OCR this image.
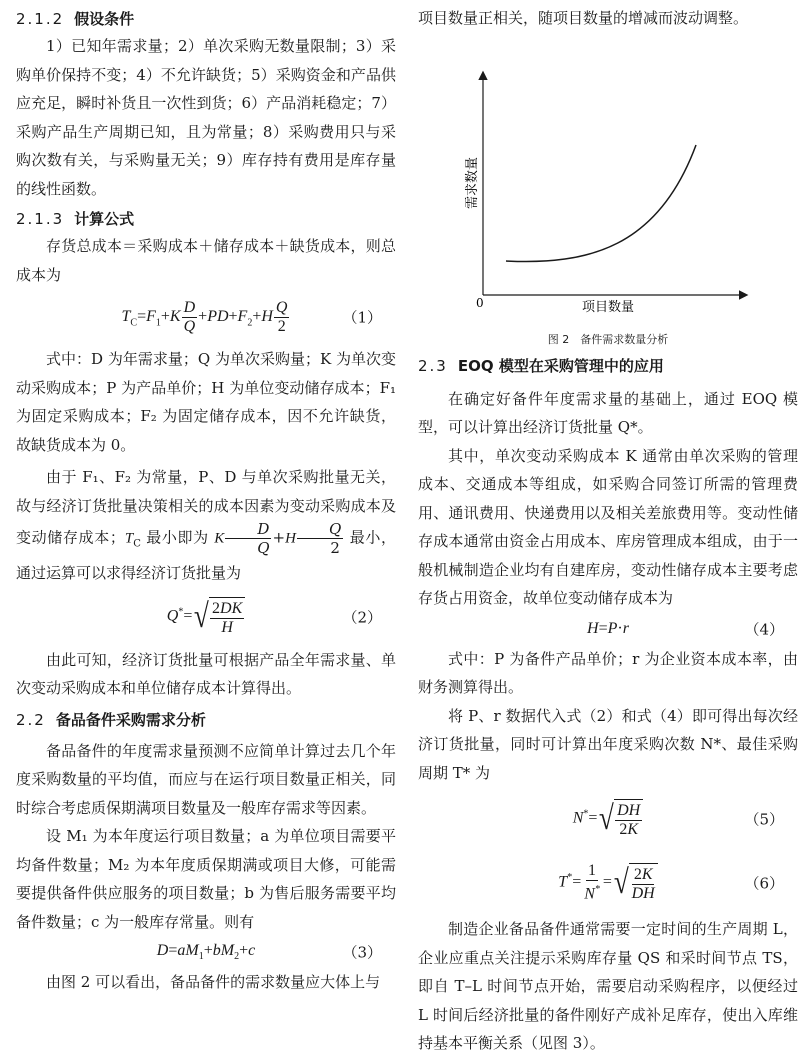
2.1.2 假设条件

1）已知年需求量；2）单次采购无数量限制；3）采购单价保持不变；4）不允许缺货；5）采购资金和产品供应充足，瞬时补货且一次性到货；6）产品消耗稳定；7）采购产品生产周期已知，且为常量；8）采购费用只与采购次数有关，与采购量无关；9）库存持有费用是库存量的线性函数。

2.1.3 计算公式

存货总成本＝采购成本＋储存成本＋缺货成本，则总成本为

$T_C=F_1+K \frac{D}{Q} +PD+F_2+H \frac{Q}{2}$	（1）

式中：D 为年需求量；Q 为单次采购量；K 为单次变动采购成本；P 为产品单价；H 为单位变动储存成本；F₁ 为固定采购成本；F₂ 为固定储存成本，因不允许缺货，故缺货成本为 0。

由于 F₁、F₂ 为常量，P、D 与单次采购批量无关，故与经济订货批量决策相关的成本因素为变动采购成本及变动储存成本；$T_C$ 最小即为 K $\frac{D}{Q} +H \frac{Q}{2}$ 最小，通过运算可以求得经济订货批量为

Q*= √ $\frac{2DK}{H}$	（2）

由此可知，经济订货批量可根据产品全年需求量、单次变动采购成本和单位储存成本计算得出。

2.2 备品备件采购需求分析

备品备件的年度需求量预测不应简单计算过去几个年度采购数量的平均值，而应与在运行项目数量正相关，同时综合考虑质保期满项目数量及一般库存需求等因素。

设 M₁ 为本年度运行项目数量；a 为单位项目需要平均备件数量；M₂ 为本年度质保期满或项目大修，可能需要提供备件供应服务的项目数量；b 为售后服务需要平均备件数量；c 为一般库存常量。则有

$D=aM_1+bM_2+c$	（3）

由图 2 可以看出，备品备件的需求数量应大体上与

项目数量正相关，随项目数量的增减而波动调整。

0	项目数量
需求数量
图 2　备件需求数量分析
2.3 EOQ 模型在采购管理中的应用

在确定好备件年度需求量的基础上，通过 EOQ 模型，可以计算出经济订货批量 Q*。

其中，单次变动采购成本 K 通常由单次采购的管理成本、交通成本等组成，如采购合同签订所需的管理费用、通讯费用、快递费用以及相关差旅费用等。变动性储存成本通常由资金占用成本、库房管理成本组成，由于一般机械制造企业均有自建库房，变动性储存成本主要考虑存货占用资金，故单位变动储存成本为

H=P·r	（4）

式中：P 为备件产品单价；r 为企业资本成本率，由财务测算得出。

将 P、r 数据代入式（2）和式（4）即可得出每次经济订货批量，同时可计算出年度采购次数 N*、最佳采购周期 T* 为

N*= √ $\frac{DH}{2K}$	（5）
$T^*= \frac{1}{N^*}$ = √ $\frac{2K}{DH}$	（6）

制造企业备品备件通常需要一定时间的生产周期 L，企业应重点关注提示采购库存量 QS 和采时间节点 TS，即自 T–L 时间节点开始，需要启动采购程序，以便经过 L 时间后经济批量的备件刚好产成补足库存，使出入库维持基本平衡关系（见图 3）。
